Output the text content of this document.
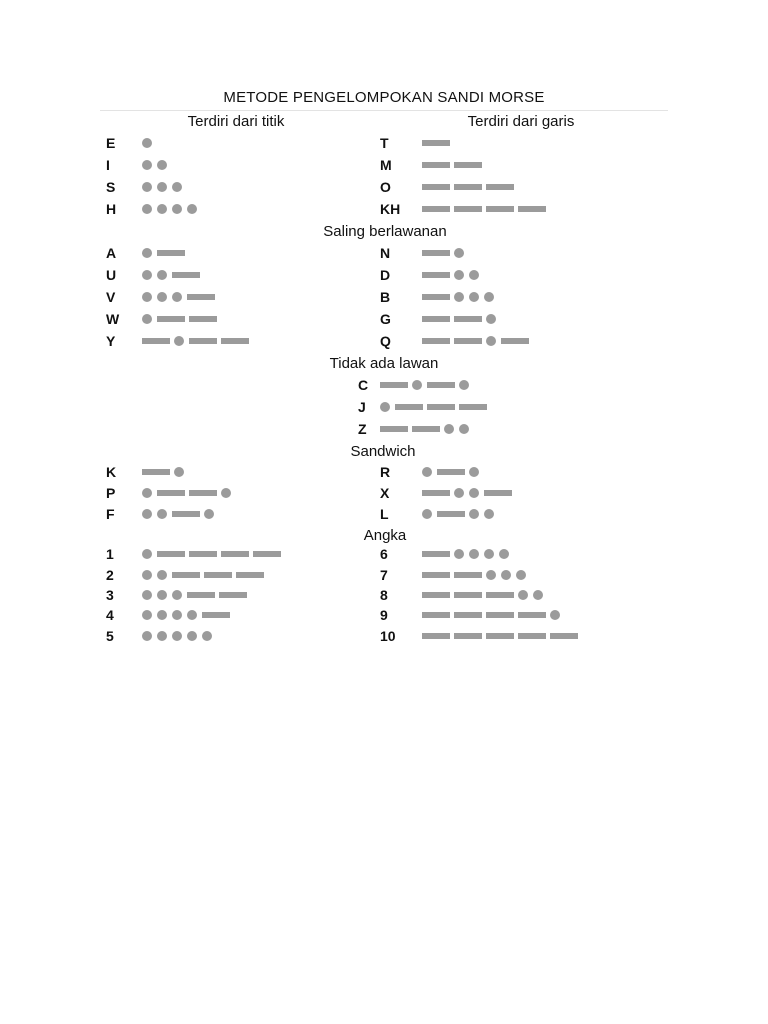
METODE PENGELOMPOKAN SANDI MORSE
Terdiri dari titik	Terdiri dari garis
Saling berlawanan
Tidak ada lawan
Sandwich
Angka
E
I
S
H
A
U
V
W
Y
K
P
F
1
2
3
4
5
T
M
O
KH
N
D
B
G
Q
R
X
L
6
7
8
9
10
C
J
Z
